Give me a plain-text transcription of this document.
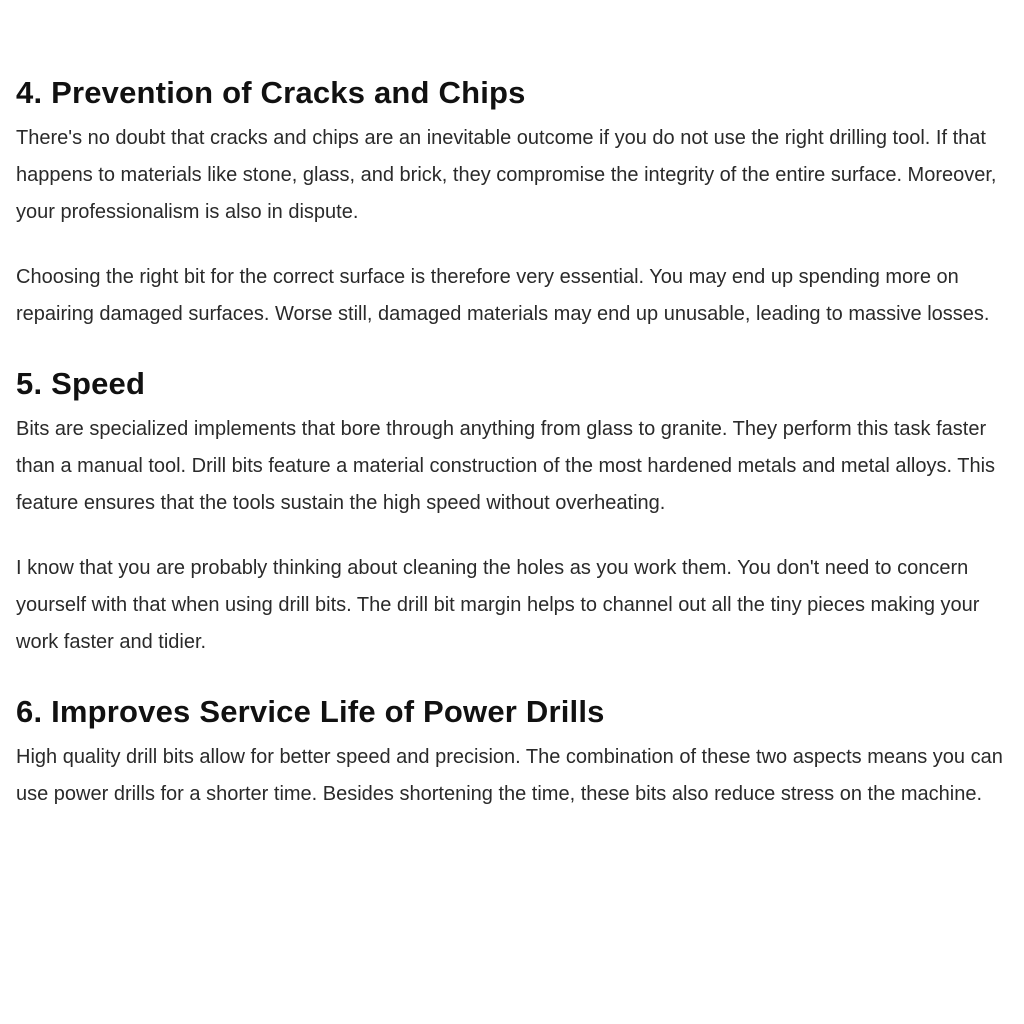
4. Prevention of Cracks and Chips

There's no doubt that cracks and chips are an inevitable outcome if you do not use the right drilling tool. If that happens to materials like stone, glass, and brick, they compromise the integrity of the entire surface. Moreover, your professionalism is also in dispute.

Choosing the right bit for the correct surface is therefore very essential. You may end up spending more on repairing damaged surfaces. Worse still, damaged materials may end up unusable, leading to massive losses.

5. Speed

Bits are specialized implements that bore through anything from glass to granite. They perform this task faster than a manual tool. Drill bits feature a material construction of the most hardened metals and metal alloys. This feature ensures that the tools sustain the high speed without overheating.

I know that you are probably thinking about cleaning the holes as you work them. You don't need to concern yourself with that when using drill bits. The drill bit margin helps to channel out all the tiny pieces making your work faster and tidier.

6. Improves Service Life of Power Drills

High quality drill bits allow for better speed and precision. The combination of these two aspects means you can use power drills for a shorter time. Besides shortening the time, these bits also reduce stress on the machine.
